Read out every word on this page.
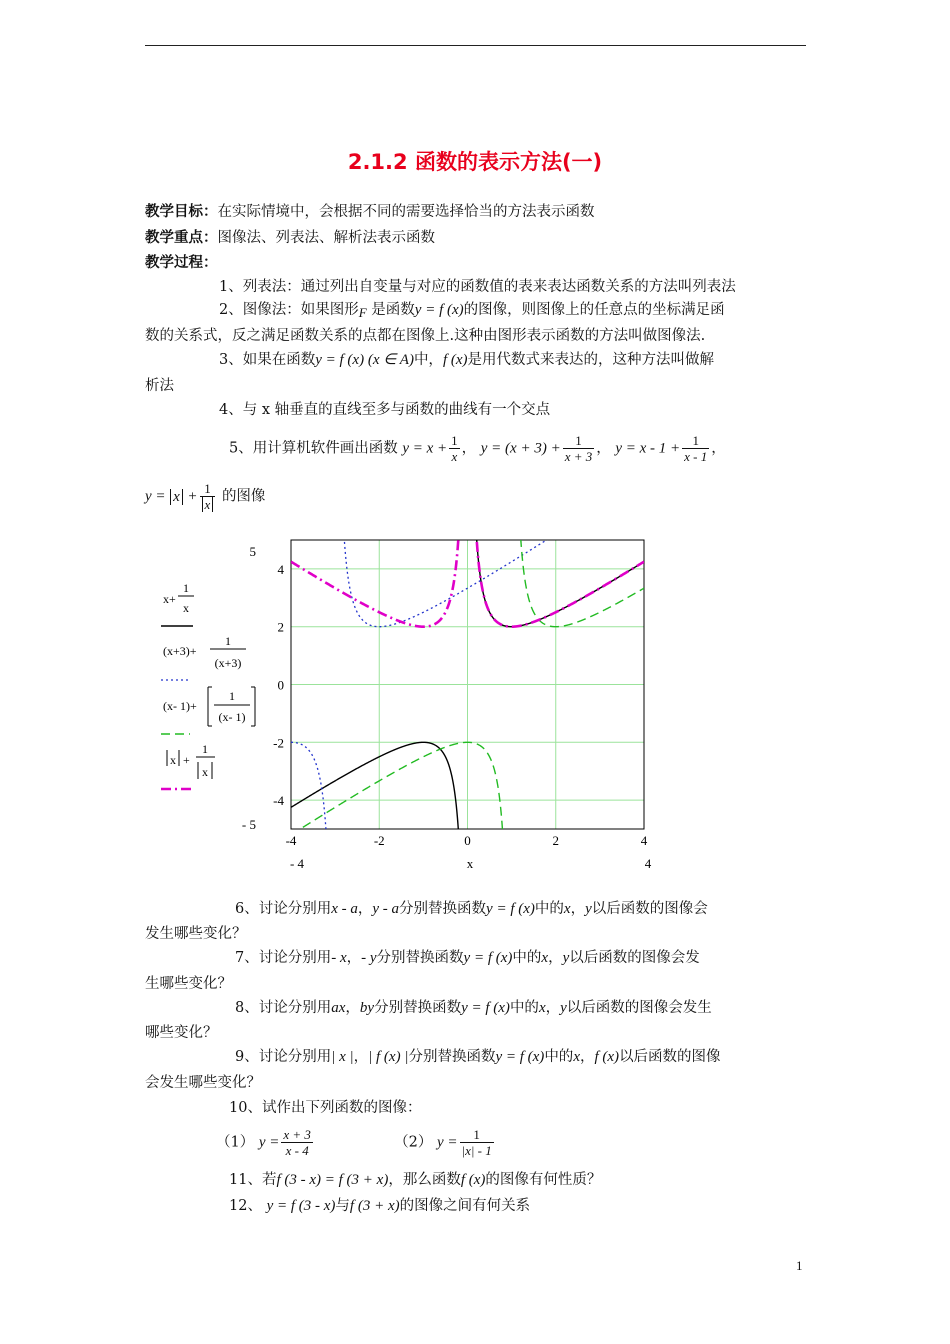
2.1.2 函数的表示方法(一)
教学目标：在实际情境中，会根据不同的需要选择恰当的方法表示函数
教学重点：图像法、列表法、解析法表示函数
教学过程：
1、列表法：通过列出自变量与对应的函数值的表来表达函数关系的方法叫列表法
2、图像法：如果图形F 是函数y = f (x)的图像，则图像上的任意点的坐标满足函
数的关系式，反之满足函数关系的点都在图像上.这种由图形表示函数的方法叫做图像法.
3、如果在函数y = f (x) (x ∈ A)中，f (x)是用代数式来表达的，这种方法叫做解
析法
4、与 x 轴垂直的直线至多与函数的曲线有一个交点
5、用计算机软件画出函数 $y = x + \frac{1}{x}$ ， $y = (x + 3) + \frac{1}{x + 3}$ ， $y = x - 1 + \frac{1}{x - 1}$ ，
$y = x + \frac{1}{x}$ 的图像
-4	-2	0	2	4
4
2
0
-2
-4
5
- 5
- 4	4
x
x+
1
x
(x+3)+
1
(x+3)
(x- 1)+
1
(x- 1)
x +
1
x
6、讨论分别用x - a，y - a分别替换函数y = f (x)中的x，y以后函数的图像会
发生哪些变化？
7、讨论分别用- x，- y分别替换函数y = f (x)中的x，y以后函数的图像会发
生哪些变化？
8、讨论分别用ax，by分别替换函数y = f (x)中的x，y以后函数的图像会发生
哪些变化？
9、讨论分别用| x |，| f (x) |分别替换函数y = f (x)中的x，f (x)以后函数的图像
会发生哪些变化？
10、试作出下列函数的图像：
（1） $y = \frac{x + 3}{x - 4}$	（2） $y = \frac{1}{|x| - 1}$
11、若f (3 - x) = f (3 + x)，那么函数f (x)的图像有何性质？
12、 y = f (3 - x)与f (3 + x)的图像之间有何关系
1
